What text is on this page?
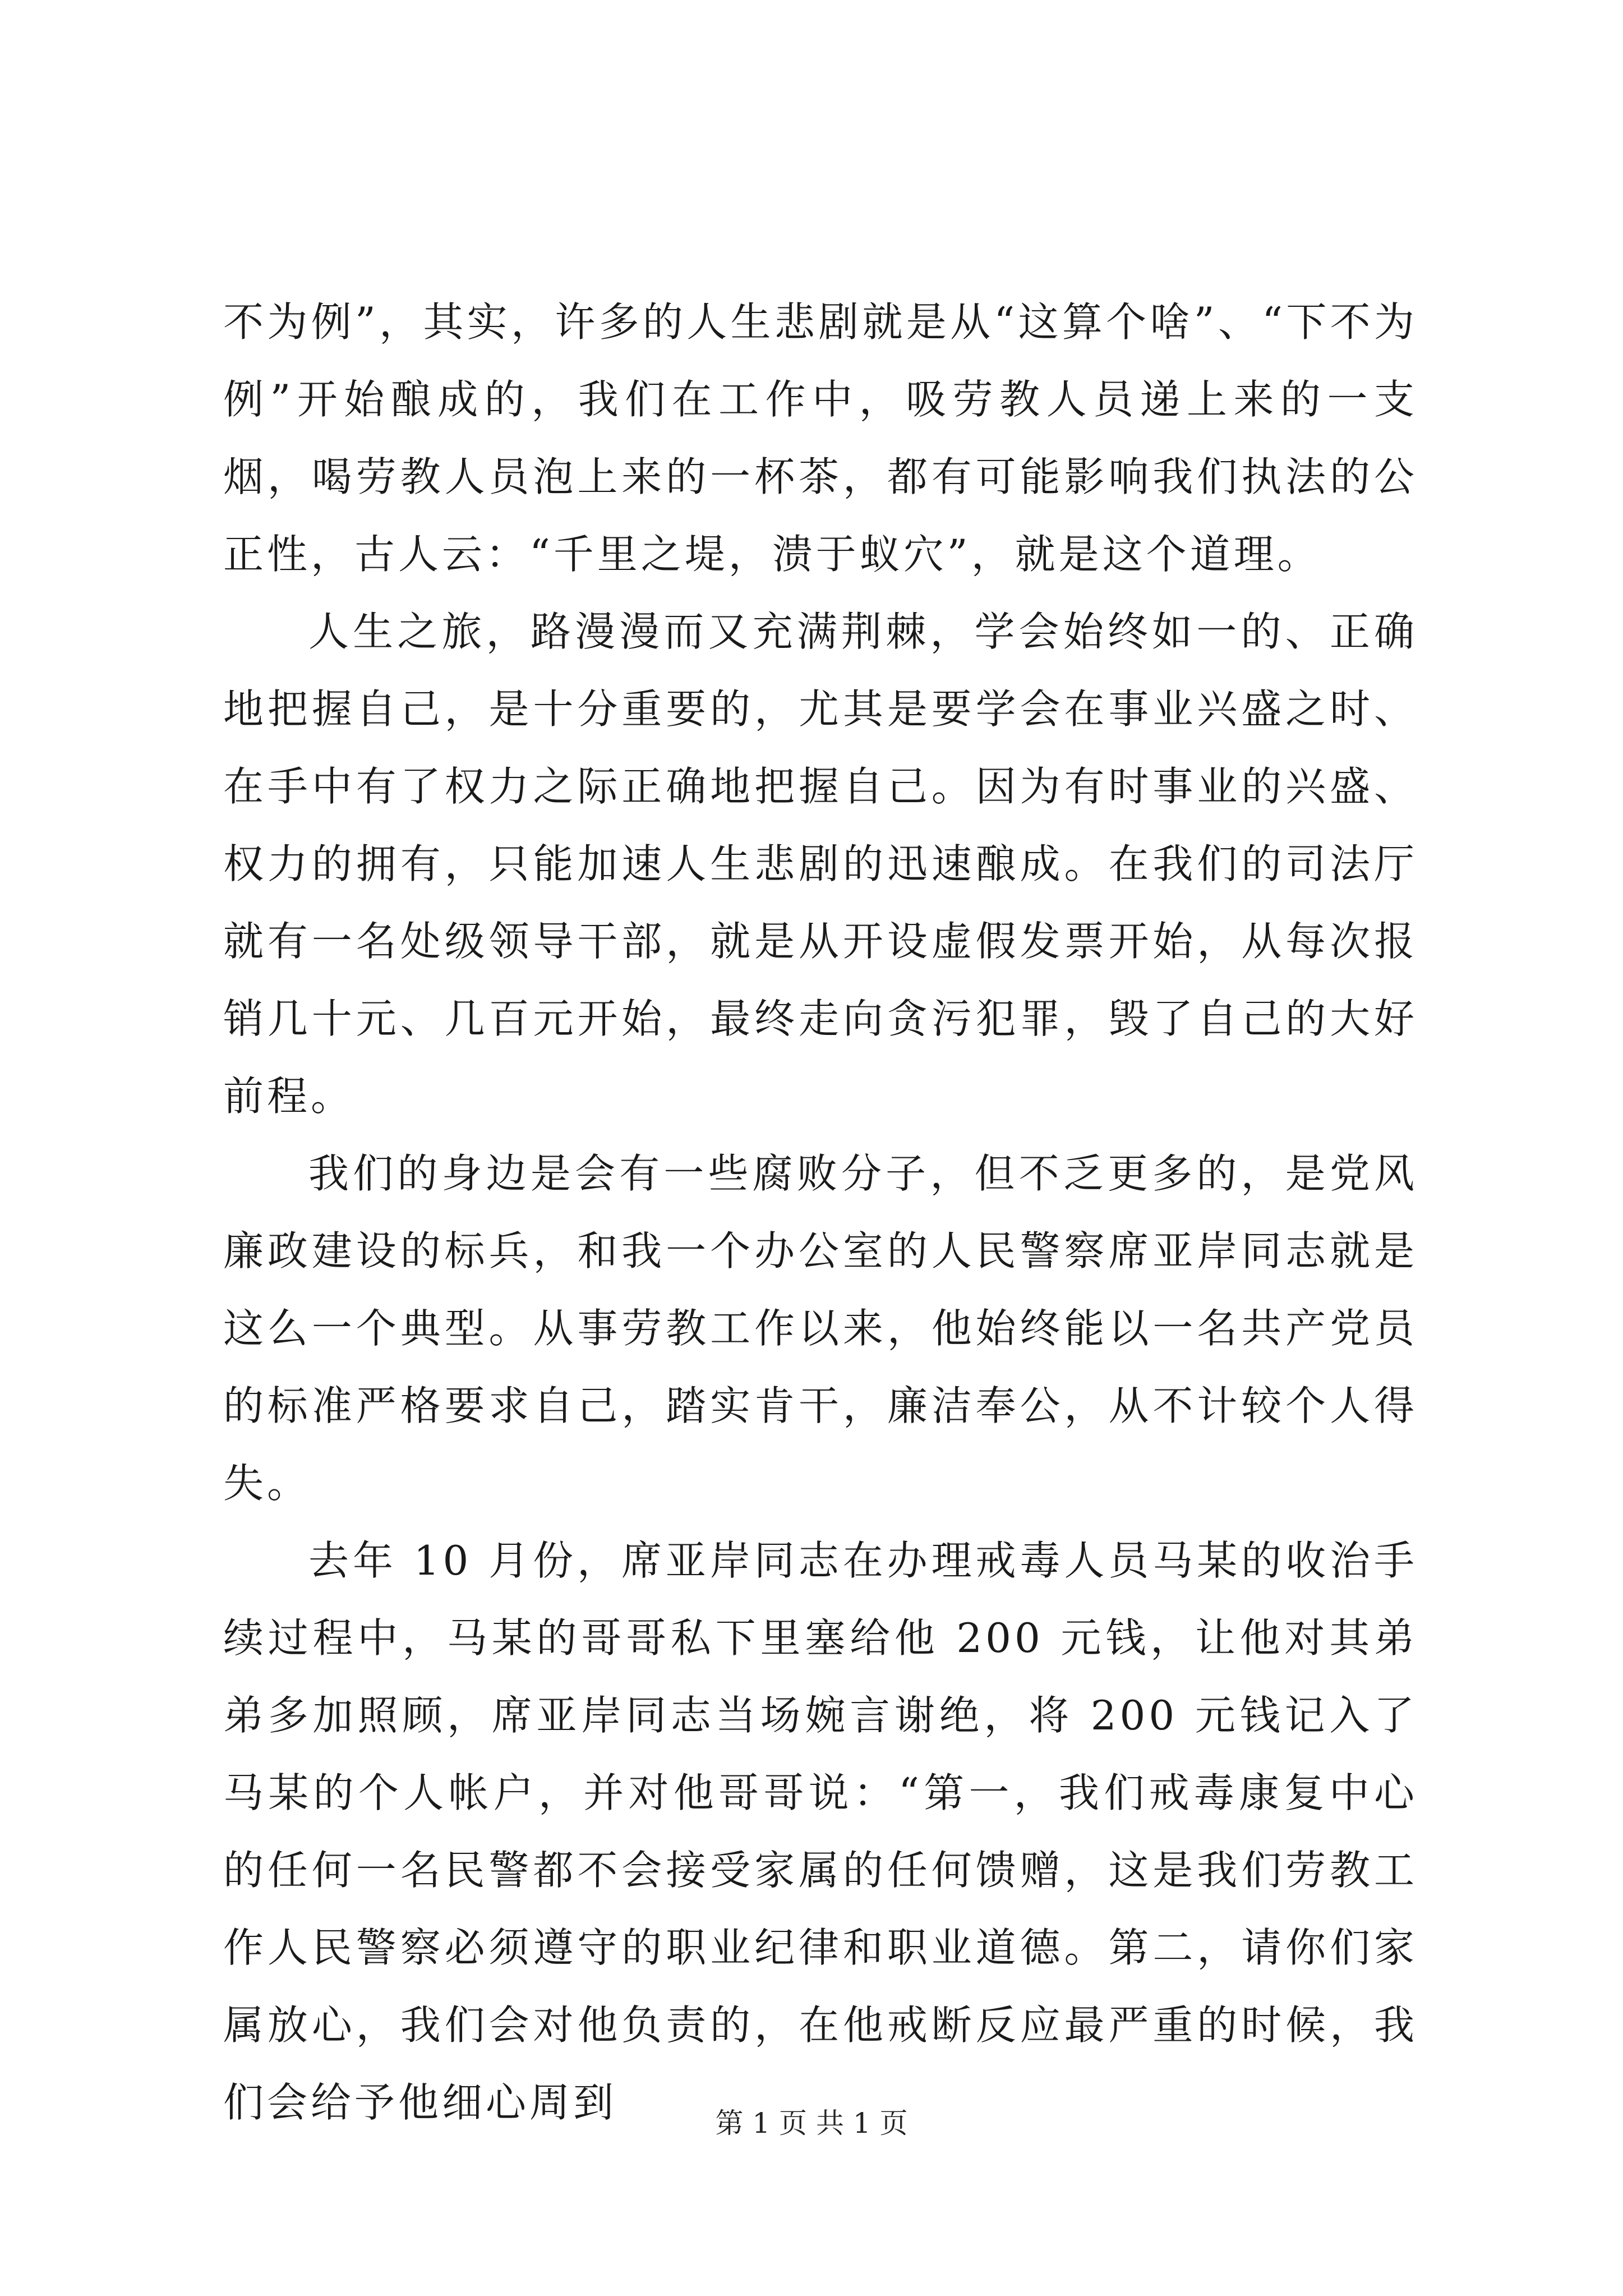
不为例”，其实，许多的人生悲剧就是从“这算个啥”、“下不为例”开始酿成的，我们在工作中，吸劳教人员递上来的一支烟，喝劳教人员泡上来的一杯茶，都有可能影响我们执法的公正性，古人云：“千里之堤，溃于蚁穴”，就是这个道理。

人生之旅，路漫漫而又充满荆棘，学会始终如一的、正确地把握自己，是十分重要的，尤其是要学会在事业兴盛之时、在手中有了权力之际正确地把握自己。因为有时事业的兴盛、权力的拥有，只能加速人生悲剧的迅速酿成。在我们的司法厅就有一名处级领导干部，就是从开设虚假发票开始，从每次报销几十元、几百元开始，最终走向贪污犯罪，毁了自己的大好前程。

我们的身边是会有一些腐败分子，但不乏更多的，是党风廉政建设的标兵，和我一个办公室的人民警察席亚岸同志就是这么一个典型。从事劳教工作以来，他始终能以一名共产党员的标准严格要求自己，踏实肯干，廉洁奉公，从不计较个人得失。

去年 10 月份，席亚岸同志在办理戒毒人员马某的收治手续过程中，马某的哥哥私下里塞给他 200 元钱，让他对其弟弟多加照顾，席亚岸同志当场婉言谢绝，将 200 元钱记入了马某的个人帐户，并对他哥哥说：“第一，我们戒毒康复中心的任何一名民警都不会接受家属的任何馈赠，这是我们劳教工作人民警察必须遵守的职业纪律和职业道德。第二，请你们家属放心，我们会对他负责的，在他戒断反应最严重的时候，我们会给予他细心周到	第 1 页 共 1 页
